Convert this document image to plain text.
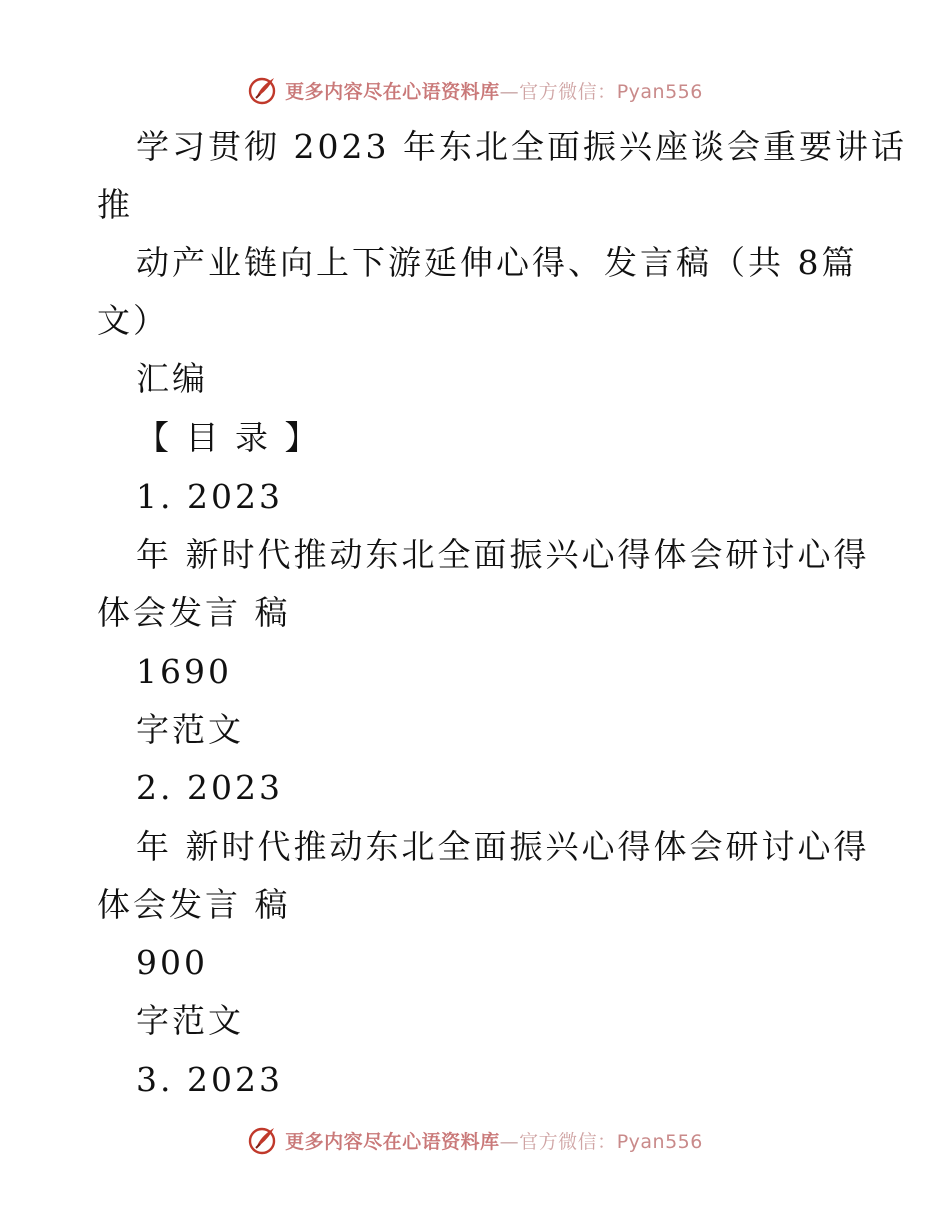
更多内容尽在心语资料库—官方微信：Pyan556
学习贯彻 2023 年东北全面振兴座谈会重要讲话
推
动产业链向上下游延伸心得、发言稿（共 8篇
文）
汇编
【 目 录 】
1. 2023
年 新时代推动东北全面振兴心得体会研讨心得
体会发言 稿
1690
字范文
2. 2023
年 新时代推动东北全面振兴心得体会研讨心得
体会发言 稿
900
字范文
3. 2023
更多内容尽在心语资料库—官方微信：Pyan556
